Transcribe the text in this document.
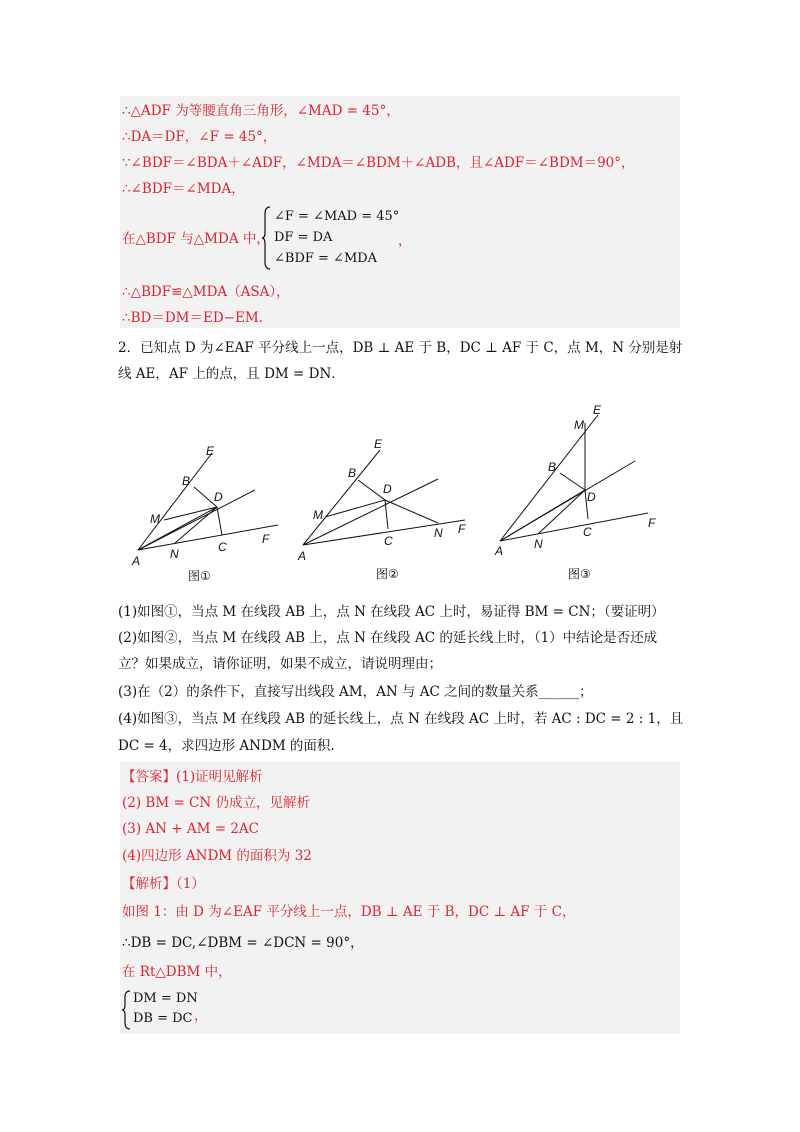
∴△ADF 为等腰直角三角形，∠MAD = 45°，
∴DA＝DF，∠F = 45°，
∵∠BDF＝∠BDA＋∠ADF，∠MDA＝∠BDM＋∠ADB，且∠ADF＝∠BDM＝90°，
∴∠BDF＝∠MDA，
在△BDF 与△MDA 中，
∠F = ∠MAD = 45°
DF = DA
∠BDF = ∠MDA
，
∴△BDF≌△MDA（ASA），
∴BD＝DM＝ED−EM.
2．已知点 D 为∠EAF 平分线上一点，DB ⊥ AE 于 B，DC ⊥ AF 于 C，点 M，N 分别是射
线 AE，AF 上的点，且 DM = DN．
A
B
C
D
E
F
M
N	A
B
C
D
E
F
M
N
A
B
C
D
E
F
M
N
图①	图②	图③
(1)如图①，当点 M 在线段 AB 上，点 N 在线段 AC 上时，易证得 BM = CN；（要证明）
(2)如图②，当点 M 在线段 AB 上，点 N 在线段 AC 的延长线上时，（1）中结论是否还成
立？如果成立，请你证明，如果不成立，请说明理由；
(3)在（2）的条件下，直接写出线段 AM，AN 与 AC 之间的数量关系______；
(4)如图③，当点 M 在线段 AB 的延长线上，点 N 在线段 AC 上时，若 AC : DC = 2 : 1，且
DC = 4，求四边形 ANDM 的面积.
【答案】(1)证明见解析
(2) BM = CN 仍成立，见解析
(3) AN + AM = 2AC
(4)四边形 ANDM 的面积为 32
【解析】（1）
如图 1：由 D 为∠EAF 平分线上一点，DB ⊥ AE 于 B，DC ⊥ AF 于 C，
∴DB = DC,∠DBM = ∠DCN = 90°，
在 Rt△DBM 中，
DM = DN
DB = DC ，
